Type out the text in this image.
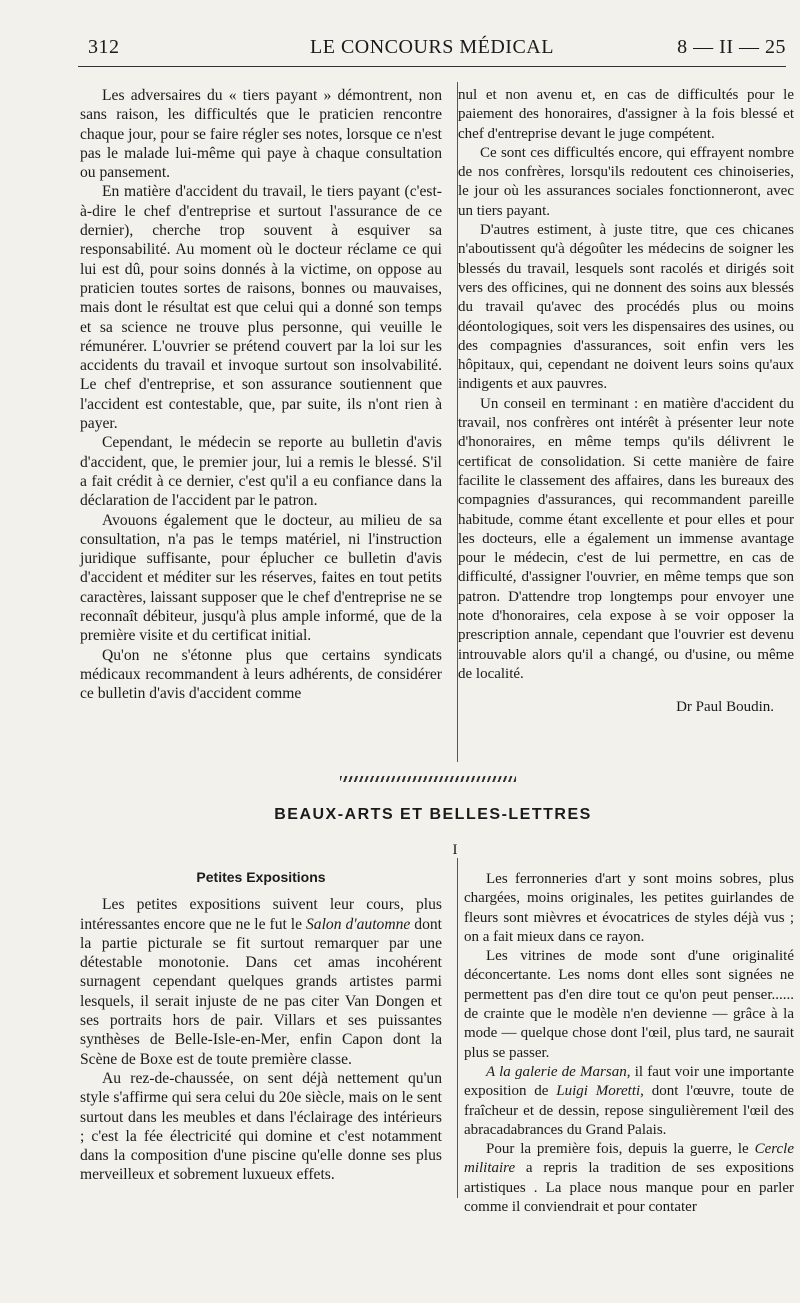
312	LE CONCOURS MÉDICAL	8 — II — 25

Les adversaires du « tiers payant » démontrent, non sans raison, les difficultés que le praticien rencontre chaque jour, pour se faire régler ses notes, lorsque ce n'est pas le malade lui-même qui paye à chaque consultation ou pansement.

En matière d'accident du travail, le tiers payant (c'est-à-dire le chef d'entreprise et surtout l'assurance de ce dernier), cherche trop souvent à esquiver sa responsabilité. Au moment où le docteur réclame ce qui lui est dû, pour soins donnés à la victime, on oppose au praticien toutes sortes de raisons, bonnes ou mauvaises, mais dont le résultat est que celui qui a donné son temps et sa science ne trouve plus personne, qui veuille le rémunérer. L'ouvrier se prétend couvert par la loi sur les accidents du travail et invoque surtout son insolvabilité. Le chef d'entreprise, et son assurance soutiennent que l'accident est contestable, que, par suite, ils n'ont rien à payer.

Cependant, le médecin se reporte au bulletin d'avis d'accident, que, le premier jour, lui a remis le blessé. S'il a fait crédit à ce dernier, c'est qu'il a eu confiance dans la déclaration de l'accident par le patron.

Avouons également que le docteur, au milieu de sa consultation, n'a pas le temps matériel, ni l'instruction juridique suffisante, pour éplucher ce bulletin d'avis d'accident et méditer sur les réserves, faites en tout petits caractères, laissant supposer que le chef d'entreprise ne se reconnaît débiteur, jusqu'à plus ample informé, que de la première visite et du certificat initial.

Qu'on ne s'étonne plus que certains syndicats médicaux recommandent à leurs adhérents, de considérer ce bulletin d'avis d'accident comme

nul et non avenu et, en cas de difficultés pour le paiement des honoraires, d'assigner à la fois blessé et chef d'entreprise devant le juge compétent.

Ce sont ces difficultés encore, qui effrayent nombre de nos confrères, lorsqu'ils redoutent ces chinoiseries, le jour où les assurances sociales fonctionneront, avec un tiers payant.

D'autres estiment, à juste titre, que ces chicanes n'aboutissent qu'à dégoûter les médecins de soigner les blessés du travail, lesquels sont racolés et dirigés soit vers des officines, qui ne donnent des soins aux blessés du travail qu'avec des procédés plus ou moins déontologiques, soit vers les dispensaires des usines, ou des compagnies d'assurances, soit enfin vers les hôpitaux, qui, cependant ne doivent leurs soins qu'aux indigents et aux pauvres.

Un conseil en terminant : en matière d'accident du travail, nos confrères ont intérêt à présenter leur note d'honoraires, en même temps qu'ils délivrent le certificat de consolidation. Si cette manière de faire facilite le classement des affaires, dans les bureaux des compagnies d'assurances, qui recommandent pareille habitude, comme étant excellente et pour elles et pour les docteurs, elle a également un immense avantage pour le médecin, c'est de lui permettre, en cas de difficulté, d'assigner l'ouvrier, en même temps que son patron. D'attendre trop longtemps pour envoyer une note d'honoraires, cela expose à se voir opposer la prescription annale, cependant que l'ouvrier est devenu introuvable alors qu'il a changé, ou d'usine, ou même de localité.

Dr Paul Boudin.

BEAUX-ARTS ET BELLES-LETTRES
I

Petites Expositions

Les petites expositions suivent leur cours, plus intéressantes encore que ne le fut le Salon d'automne dont la partie picturale se fit surtout remarquer par une détestable monotonie. Dans cet amas incohérent surnagent cependant quelques grands artistes parmi lesquels, il serait injuste de ne pas citer Van Dongen et ses portraits hors de pair. Villars et ses puissantes synthèses de Belle-Isle-en-Mer, enfin Capon dont la Scène de Boxe est de toute première classe.

Au rez-de-chaussée, on sent déjà nettement qu'un style s'affirme qui sera celui du 20e siècle, mais on le sent surtout dans les meubles et dans l'éclairage des intérieurs ; c'est la fée électricité qui domine et c'est notamment dans la composition d'une piscine qu'elle donne ses plus merveilleux et sobrement luxueux effets.

Les ferronneries d'art y sont moins sobres, plus chargées, moins originales, les petites guirlandes de fleurs sont mièvres et évocatrices de styles déjà vus ; on a fait mieux dans ce rayon.

Les vitrines de mode sont d'une originalité déconcertante. Les noms dont elles sont signées ne permettent pas d'en dire tout ce qu'on peut penser...... de crainte que le modèle n'en devienne — grâce à la mode — quelque chose dont l'œil, plus tard, ne saurait plus se passer.

A la galerie de Marsan, il faut voir une importante exposition de Luigi Moretti, dont l'œuvre, toute de fraîcheur et de dessin, repose singulièrement l'œil des abracadabrances du Grand Palais.

Pour la première fois, depuis la guerre, le Cercle militaire a repris la tradition de ses expositions artistiques . La place nous manque pour en parler comme il conviendrait et pour contater
